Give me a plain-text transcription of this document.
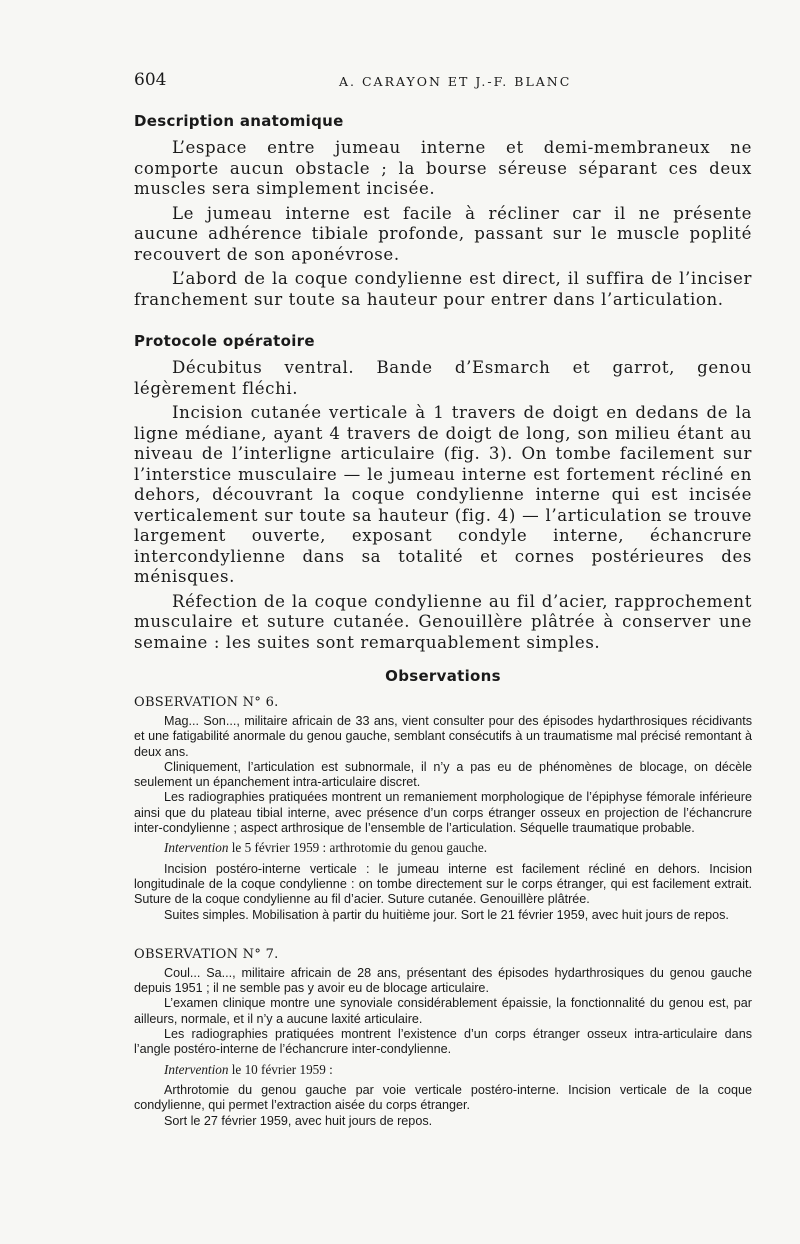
604	A. CARAYON ET J.-F. BLANC
Description anatomique

L’espace entre jumeau interne et demi-membraneux ne comporte aucun obstacle ; la bourse séreuse séparant ces deux muscles sera simplement incisée.

Le jumeau interne est facile à récliner car il ne présente aucune adhérence tibiale profonde, passant sur le muscle poplité recouvert de son aponévrose.

L’abord de la coque condylienne est direct, il suffira de l’inciser franchement sur toute sa hauteur pour entrer dans l’articulation.

Protocole opératoire

Décubitus ventral. Bande d’Esmarch et garrot, genou légèrement fléchi.

Incision cutanée verticale à 1 travers de doigt en dedans de la ligne médiane, ayant 4 travers de doigt de long, son milieu étant au niveau de l’interligne articulaire (fig. 3). On tombe facilement sur l’interstice musculaire — le jumeau interne est fortement récliné en dehors, découvrant la coque condylienne interne qui est incisée verticalement sur toute sa hauteur (fig. 4) — l’articulation se trouve largement ouverte, exposant condyle interne, échancrure intercondylienne dans sa totalité et cornes postérieures des ménisques.

Réfection de la coque condylienne au fil d’acier, rapprochement musculaire et suture cutanée. Genouillère plâtrée à conserver une semaine : les suites sont remarquablement simples.

Observations
OBSERVATION N° 6.

Mag... Son..., militaire africain de 33 ans, vient consulter pour des épisodes hydarthrosiques récidivants et une fatigabilité anormale du genou gauche, semblant consécutifs à un traumatisme mal précisé remontant à deux ans.

Cliniquement, l’articulation est subnormale, il n’y a pas eu de phénomènes de blocage, on décèle seulement un épanchement intra-articulaire discret.

Les radiographies pratiquées montrent un remaniement morphologique de l’épiphyse fémorale inférieure ainsi que du plateau tibial interne, avec présence d’un corps étranger osseux en projection de l’échancrure inter-condylienne ; aspect arthrosique de l’ensemble de l’articulation. Séquelle traumatique probable.

Intervention le 5 février 1959 : arthrotomie du genou gauche.

Incision postéro-interne verticale : le jumeau interne est facilement récliné en dehors. Incision longitudinale de la coque condylienne : on tombe directement sur le corps étranger, qui est facilement extrait. Suture de la coque condylienne au fil d’acier. Suture cutanée. Genouillère plâtrée.

Suites simples. Mobilisation à partir du huitième jour. Sort le 21 février 1959, avec huit jours de repos.

OBSERVATION N° 7.

Coul... Sa..., militaire africain de 28 ans, présentant des épisodes hydarthrosiques du genou gauche depuis 1951 ; il ne semble pas y avoir eu de blocage articulaire.

L’examen clinique montre une synoviale considérablement épaissie, la fonctionnalité du genou est, par ailleurs, normale, et il n’y a aucune laxité articulaire.

Les radiographies pratiquées montrent l’existence d’un corps étranger osseux intra-articulaire dans l’angle postéro-interne de l’échancrure inter-condylienne.

Intervention le 10 février 1959 :

Arthrotomie du genou gauche par voie verticale postéro-interne. Incision verticale de la coque condylienne, qui permet l’extraction aisée du corps étranger.

Sort le 27 février 1959, avec huit jours de repos.
